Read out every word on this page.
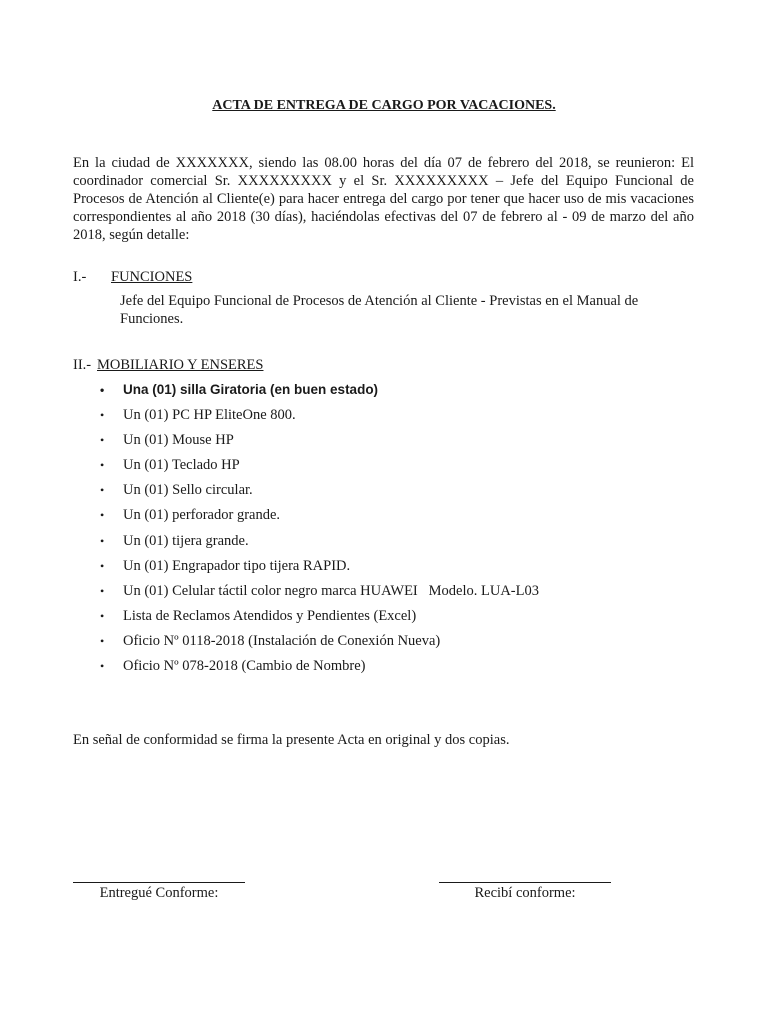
ACTA DE ENTREGA DE CARGO POR VACACIONES.

En la ciudad de XXXXXXX, siendo las 08.00 horas del día 07 de febrero del 2018, se reunieron: El coordinador comercial Sr. XXXXXXXXX y el Sr. XXXXXXXXX – Jefe del Equipo Funcional de Procesos de Atención al Cliente(e) para hacer entrega del cargo por tener que hacer uso de mis vacaciones correspondientes al año 2018 (30 días), haciéndolas efectivas del 07 de febrero al - 09 de marzo del año 2018, según detalle:

I.- FUNCIONES

Jefe del Equipo Funcional de Procesos de Atención al Cliente - Previstas en el Manual de Funciones.

II.- MOBILIARIO Y ENSERES
• Una (01) silla Giratoria (en buen estado)
• Un (01) PC HP EliteOne 800.
• Un (01) Mouse HP
• Un (01) Teclado HP
• Un (01) Sello circular.
• Un (01) perforador grande.
• Un (01) tijera grande.
• Un (01) Engrapador tipo tijera RAPID.
• Un (01) Celular táctil color negro marca HUAWEI   Modelo. LUA-L03
• Lista de Reclamos Atendidos y Pendientes (Excel)
• Oficio Nº 0118-2018 (Instalación de Conexión Nueva)
• Oficio Nº 078-2018 (Cambio de Nombre)

En señal de conformidad se firma la presente Acta en original y dos copias.

Entregué Conforme:	Recibí conforme:
